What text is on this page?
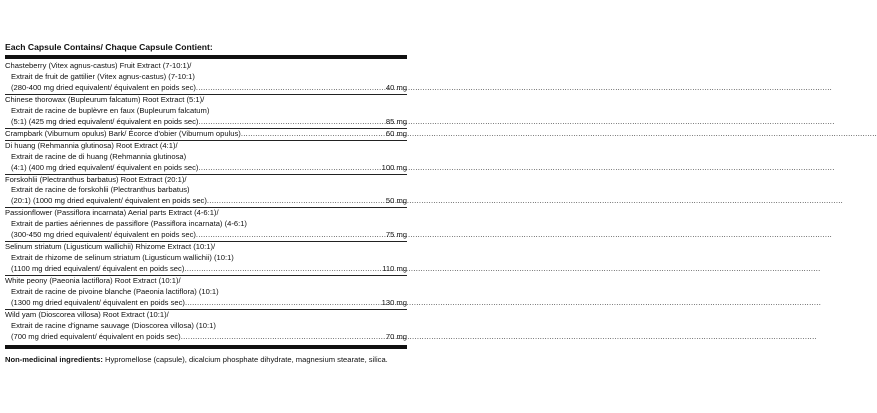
Each Capsule Contains/ Chaque Capsule Contient:
Chasteberry (Vitex agnus-castus) Fruit Extract (7-10:1)/
Extrait de fruit de gattilier (Vitex agnus-castus) (7-10:1)
(280-400 mg dried equivalent/ équivalent en poids sec) .....	40 mg
Chinese thorowax (Bupleurum falcatum) Root Extract (5:1)/
Extrait de racine de buplèvre en faux (Bupleurum falcatum)
(5:1) (425 mg dried equivalent/ équivalent en poids sec) .....	85 mg
Crampbark (Viburnum opulus) Bark/ Écorce d'obier (Viburnum opulus) .....	60 mg
Di huang (Rehmannia glutinosa) Root Extract (4:1)/
Extrait de racine de di huang (Rehmannia glutinosa)
(4:1) (400 mg dried equivalent/ équivalent en poids sec) .....	100 mg
Forskohlii (Plectranthus barbatus) Root Extract (20:1)/
Extrait de racine de forskohlii (Plectranthus barbatus)
(20:1) (1000 mg dried equivalent/ équivalent en poids sec) .....	50 mg
Passionflower (Passiflora incarnata) Aerial parts Extract (4-6:1)/
Extrait de parties aériennes de passiflore (Passiflora incarnata) (4-6:1)
(300-450 mg dried equivalent/ équivalent en poids sec) .....	75 mg
Selinum striatum (Ligusticum wallichii) Rhizome Extract (10:1)/
Extrait de rhizome de selinum striatum (Ligusticum wallichii) (10:1)
(1100 mg dried equivalent/ équivalent en poids sec) .....	110 mg
White peony (Paeonia lactiflora) Root Extract (10:1)/
Extrait de racine de pivoine blanche (Paeonia lactiflora) (10:1)
(1300 mg dried equivalent/ équivalent en poids sec) .....	130 mg
Wild yam (Dioscorea villosa) Root Extract (10:1)/
Extrait de racine d'igname sauvage (Dioscorea villosa) (10:1)
(700 mg dried equivalent/ équivalent en poids sec) .....	70 mg
Non-medicinal ingredients: Hypromellose (capsule), dicalcium phosphate dihydrate, magnesium stearate, silica.
